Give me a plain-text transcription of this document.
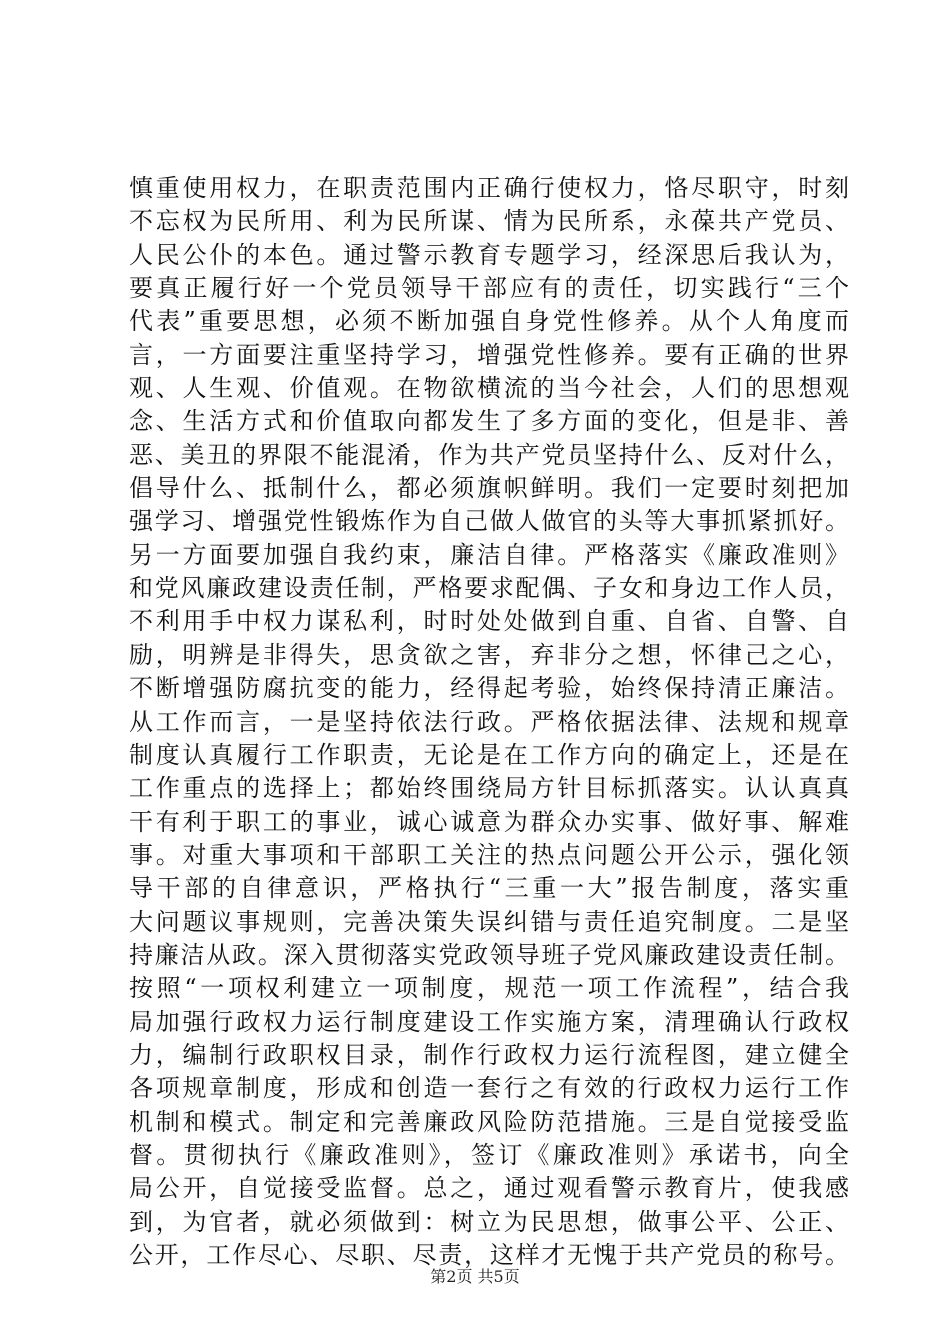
慎重使用权力，在职责范围内正确行使权力，恪尽职守，时刻
不忘权为民所用、利为民所谋、情为民所系，永葆共产党员、
人民公仆的本色。通过警示教育专题学习，经深思后我认为，
要真正履行好一个党员领导干部应有的责任，切实践行“三个
代表”重要思想，必须不断加强自身党性修养。从个人角度而
言，一方面要注重坚持学习，增强党性修养。要有正确的世界
观、人生观、价值观。在物欲横流的当今社会，人们的思想观
念、生活方式和价值取向都发生了多方面的变化，但是非、善
恶、美丑的界限不能混淆，作为共产党员坚持什么、反对什么，
倡导什么、抵制什么，都必须旗帜鲜明。我们一定要时刻把加
强学习、增强党性锻炼作为自己做人做官的头等大事抓紧抓好。
另一方面要加强自我约束，廉洁自律。严格落实《廉政准则》
和党风廉政建设责任制，严格要求配偶、子女和身边工作人员，
不利用手中权力谋私利，时时处处做到自重、自省、自警、自
励，明辨是非得失，思贪欲之害，弃非分之想，怀律己之心，
不断增强防腐抗变的能力，经得起考验，始终保持清正廉洁。
从工作而言，一是坚持依法行政。严格依据法律、法规和规章
制度认真履行工作职责，无论是在工作方向的确定上，还是在
工作重点的选择上；都始终围绕局方针目标抓落实。认认真真
干有利于职工的事业，诚心诚意为群众办实事、做好事、解难
事。对重大事项和干部职工关注的热点问题公开公示，强化领
导干部的自律意识，严格执行“三重一大”报告制度，落实重
大问题议事规则，完善决策失误纠错与责任追究制度。二是坚
持廉洁从政。深入贯彻落实党政领导班子党风廉政建设责任制。
按照“一项权利建立一项制度，规范一项工作流程”，结合我
局加强行政权力运行制度建设工作实施方案，清理确认行政权
力，编制行政职权目录，制作行政权力运行流程图，建立健全
各项规章制度，形成和创造一套行之有效的行政权力运行工作
机制和模式。制定和完善廉政风险防范措施。三是自觉接受监
督。贯彻执行《廉政准则》，签订《廉政准则》承诺书，向全
局公开，自觉接受监督。总之，通过观看警示教育片，使我感
到，为官者，就必须做到：树立为民思想，做事公平、公正、
公开，工作尽心、尽职、尽责，这样才无愧于共产党员的称号。
第2页 共5页
